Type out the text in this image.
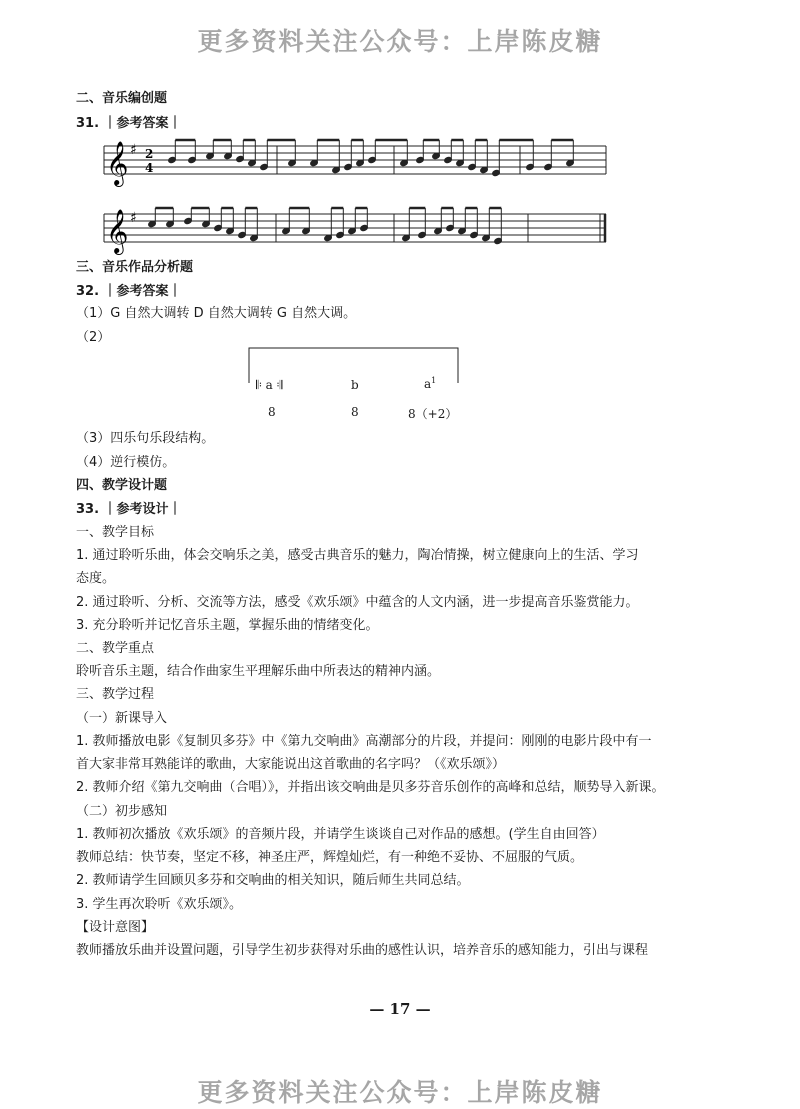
更多资料关注公众号：上岸陈皮糖
二、音乐编创题
31. ｜参考答案｜
𝄞 ♯ 2
4
𝄞 ♯
三、音乐作品分析题
32. ｜参考答案｜
（1）G 自然大调转 D 自然大调转 G 自然大调。
（2）
𝄆 a 𝄇	b	$a^1$
8	8	8（+2）
（3）四乐句乐段结构。
（4）逆行模仿。
四、教学设计题
33. ｜参考设计｜
一、教学目标
1. 通过聆听乐曲，体会交响乐之美，感受古典音乐的魅力，陶冶情操，树立健康向上的生活、学习
态度。
2. 通过聆听、分析、交流等方法，感受《欢乐颂》中蕴含的人文内涵，进一步提高音乐鉴赏能力。
3. 充分聆听并记忆音乐主题，掌握乐曲的情绪变化。
二、教学重点
聆听音乐主题，结合作曲家生平理解乐曲中所表达的精神内涵。
三、教学过程
（一）新课导入
1. 教师播放电影《复制贝多芬》中《第九交响曲》高潮部分的片段，并提问：刚刚的电影片段中有一
首大家非常耳熟能详的歌曲，大家能说出这首歌曲的名字吗？（《欢乐颂》）
2. 教师介绍《第九交响曲（合唱）》，并指出该交响曲是贝多芬音乐创作的高峰和总结，顺势导入新课。
（二）初步感知
1. 教师初次播放《欢乐颂》的音频片段，并请学生谈谈自己对作品的感想。(学生自由回答）
教师总结：快节奏，坚定不移，神圣庄严，辉煌灿烂，有一种绝不妥协、不屈服的气质。
2. 教师请学生回顾贝多芬和交响曲的相关知识，随后师生共同总结。
3. 学生再次聆听《欢乐颂》。
【设计意图】
教师播放乐曲并设置问题，引导学生初步获得对乐曲的感性认识，培养音乐的感知能力，引出与课程
— 17 —
更多资料关注公众号：上岸陈皮糖
